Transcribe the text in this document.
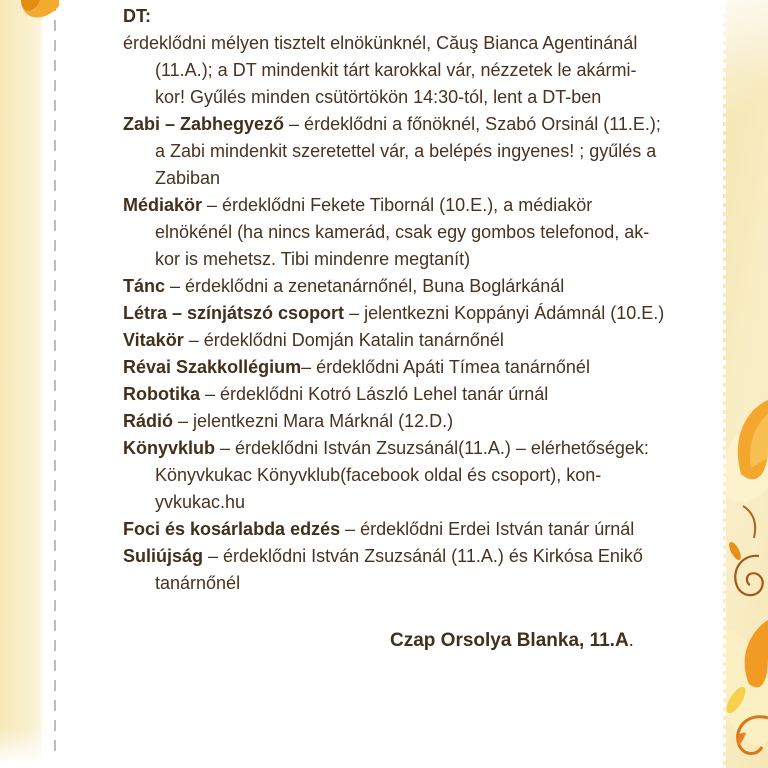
DT:
érdeklődni mélyen tisztelt elnökünknél, Căuş Bianca Agentinánál
(11.A.); a DT mindenkit tárt karokkal vár, nézzetek le akármi-
kor! Gyűlés minden csütörtökön 14:30-tól, lent a DT-ben
Zabi – Zabhegyező – érdeklődni a főnöknél, Szabó Orsinál (11.E.);
a Zabi mindenkit szeretettel vár, a belépés ingyenes! ; gyűlés a
Zabiban
Médiakör – érdeklődni Fekete Tibornál (10.E.), a médiakör
elnökénél (ha nincs kamerád, csak egy gombos telefonod, ak-
kor is mehetsz. Tibi mindenre megtanít)
Tánc – érdeklődni a zenetanárnőnél, Buna Boglárkánál
Létra – színjátszó csoport – jelentkezni Koppányi Ádámnál (10.E.)
Vitakör – érdeklődni Domján Katalin tanárnőnél
Révai Szakkollégium– érdeklődni Apáti Tímea tanárnőnél
Robotika – érdeklődni Kotró László Lehel tanár úrnál
Rádió – jelentkezni Mara Márknál (12.D.)
Könyvklub – érdeklődni István Zsuzsánál(11.A.) – elérhetőségek:
Könyvkukac Könyvklub(facebook oldal és csoport), kon-
yvkukac.hu
Foci és kosárlabda edzés – érdeklődni Erdei István tanár úrnál
Suliújság – érdeklődni István Zsuzsánál (11.A.) és Kirkósa Enikő
tanárnőnél
Czap Orsolya Blanka, 11.A.
